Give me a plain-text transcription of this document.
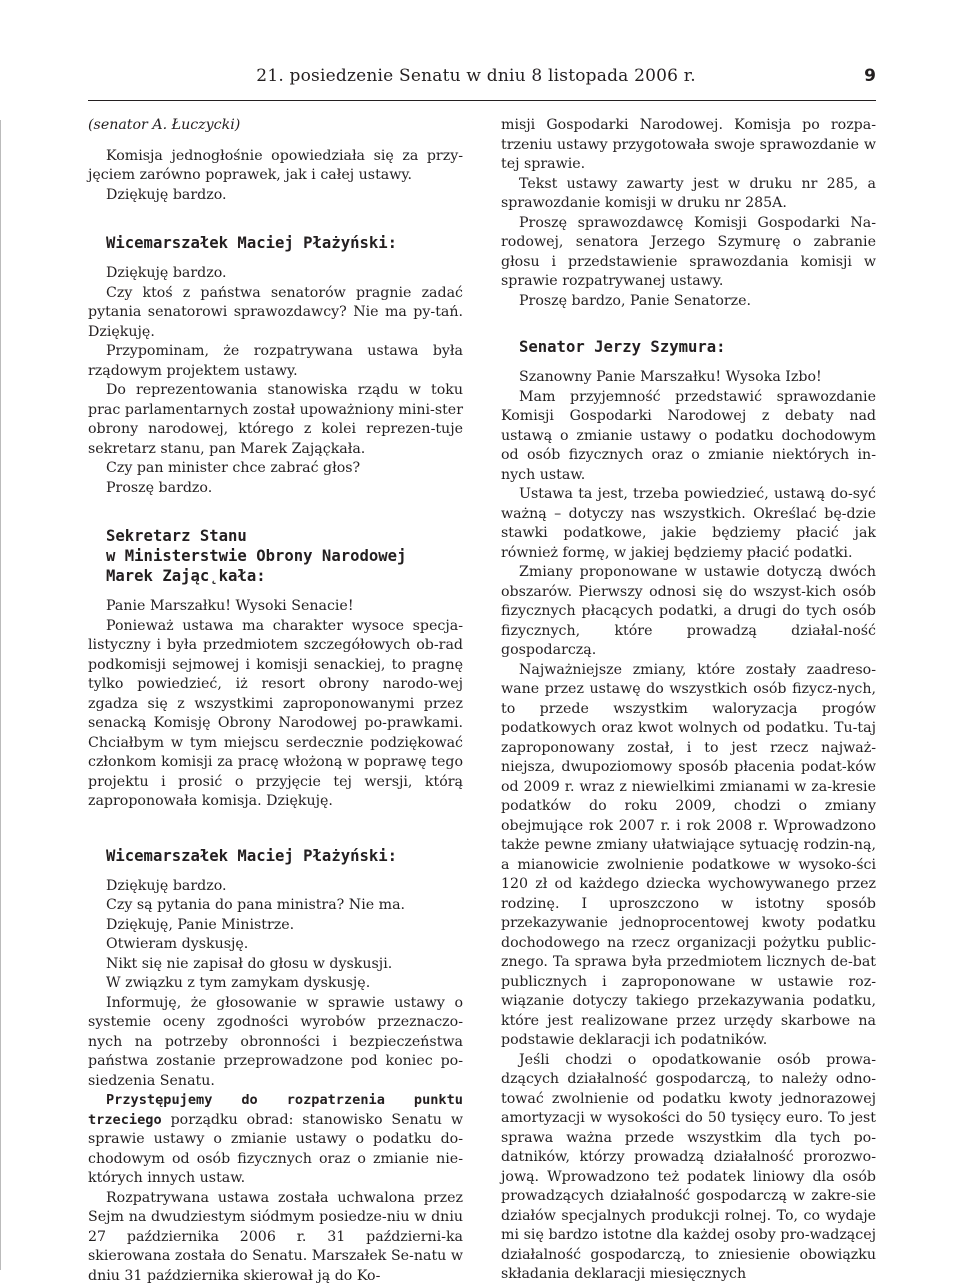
21. posiedzenie Senatu w dniu 8 listopada 2006 r.	9

(senator A. Łuczycki)

Komisja jednogłośnie opowiedziała się za przy-jęciem zarówno poprawek, jak i całej ustawy.

Dziękuję bardzo.

Wicemarszałek Maciej Płażyński:

Dziękuję bardzo.

Czy ktoś z państwa senatorów pragnie zadać pytania senatorowi sprawozdawcy? Nie ma py-tań. Dziękuję.

Przypominam, że rozpatrywana ustawa była rządowym projektem ustawy.

Do reprezentowania stanowiska rządu w toku prac parlamentarnych został upoważniony mini-ster obrony narodowej, którego z kolei reprezen-tuje sekretarz stanu, pan Marek Zając̨kała.

Czy pan minister chce zabrać głos?

Proszę bardzo.

Sekretarz Stanu
w Ministerstwie Obrony Narodowej
Marek Zając̨kała:

Panie Marszałku! Wysoki Senacie!

Ponieważ ustawa ma charakter wysoce specja-listyczny i była przedmiotem szczegółowych ob-rad podkomisji sejmowej i komisji senackiej, to pragnę tylko powiedzieć, iż resort obrony narodo-wej zgadza się z wszystkimi zaproponowanymi przez senacką Komisję Obrony Narodowej po-prawkami. Chciałbym w tym miejscu serdecznie podziękować członkom komisji za pracę włożoną w poprawę tego projektu i prosić o przyjęcie tej wersji, którą zaproponowała komisja. Dziękuję.

Wicemarszałek Maciej Płażyński:

Dziękuję bardzo.

Czy są pytania do pana ministra? Nie ma.

Dziękuję, Panie Ministrze.

Otwieram dyskusję.

Nikt się nie zapisał do głosu w dyskusji.

W związku z tym zamykam dyskusję.

Informuję, że głosowanie w sprawie ustawy o systemie oceny zgodności wyrobów przeznaczo-nych na potrzeby obronności i bezpieczeństwa państwa zostanie przeprowadzone pod koniec po-siedzenia Senatu.

Przystępujemy do rozpatrzenia punktu trzeciego porządku obrad: stanowisko Senatu w sprawie ustawy o zmianie ustawy o podatku do-chodowym od osób fizycznych oraz o zmianie nie-których innych ustaw.

Rozpatrywana ustawa została uchwalona przez Sejm na dwudziestym siódmym posiedze-niu w dniu 27 października 2006 r. 31 październi-ka skierowana została do Senatu. Marszałek Se-natu w dniu 31 października skierował ją do Ko-

misji Gospodarki Narodowej. Komisja po rozpa-trzeniu ustawy przygotowała swoje sprawozdanie w tej sprawie.

Tekst ustawy zawarty jest w druku nr 285, a sprawozdanie komisji w druku nr 285A.

Proszę sprawozdawcę Komisji Gospodarki Na-rodowej, senatora Jerzego Szymurę o zabranie głosu i przedstawienie sprawozdania komisji w sprawie rozpatrywanej ustawy.

Proszę bardzo, Panie Senatorze.

Senator Jerzy Szymura:

Szanowny Panie Marszałku! Wysoka Izbo!

Mam przyjemność przedstawić sprawozdanie Komisji Gospodarki Narodowej z debaty nad ustawą o zmianie ustawy o podatku dochodowym od osób fizycznych oraz o zmianie niektórych in-nych ustaw.

Ustawa ta jest, trzeba powiedzieć, ustawą do-syć ważną – dotyczy nas wszystkich. Określać bę-dzie stawki podatkowe, jakie będziemy płacić jak również formę, w jakiej będziemy płacić podatki.

Zmiany proponowane w ustawie dotyczą dwóch obszarów. Pierwszy odnosi się do wszyst-kich osób fizycznych płacących podatki, a drugi do tych osób fizycznych, które prowadzą działal-ność gospodarczą.

Najważniejsze zmiany, które zostały zaadreso-wane przez ustawę do wszystkich osób fizycz-nych, to przede wszystkim waloryzacja progów podatkowych oraz kwot wolnych od podatku. Tu-taj zaproponowany został, i to jest rzecz najważ-niejsza, dwupoziomowy sposób płacenia podat-ków od 2009 r. wraz z niewielkimi zmianami w za-kresie podatków do roku 2009, chodzi o zmiany obejmujące rok 2007 r. i rok 2008 r. Wprowadzono także pewne zmiany ułatwiające sytuację rodzin-ną, a mianowicie zwolnienie podatkowe w wysoko-ści 120 zł od każdego dziecka wychowywanego przez rodzinę. I uproszczono w istotny sposób przekazywanie jednoprocentowej kwoty podatku dochodowego na rzecz organizacji pożytku public-znego. Ta sprawa była przedmiotem licznych de-bat publicznych i zaproponowane w ustawie roz-wiązanie dotyczy takiego przekazywania podatku, które jest realizowane przez urzędy skarbowe na podstawie deklaracji ich podatników.

Jeśli chodzi o opodatkowanie osób prowa-dzących działalność gospodarczą, to należy odno-tować zwolnienie od podatku kwoty jednorazowej amortyzacji w wysokości do 50 tysięcy euro. To jest sprawa ważna przede wszystkim dla tych po-datników, którzy prowadzą działalność prorozwo-jową. Wprowadzono też podatek liniowy dla osób prowadzących działalność gospodarczą w zakre-sie działów specjalnych produkcji rolnej. To, co wydaje mi się bardzo istotne dla każdej osoby pro-wadzącej działalność gospodarczą, to zniesienie obowiązku składania deklaracji miesięcznych
